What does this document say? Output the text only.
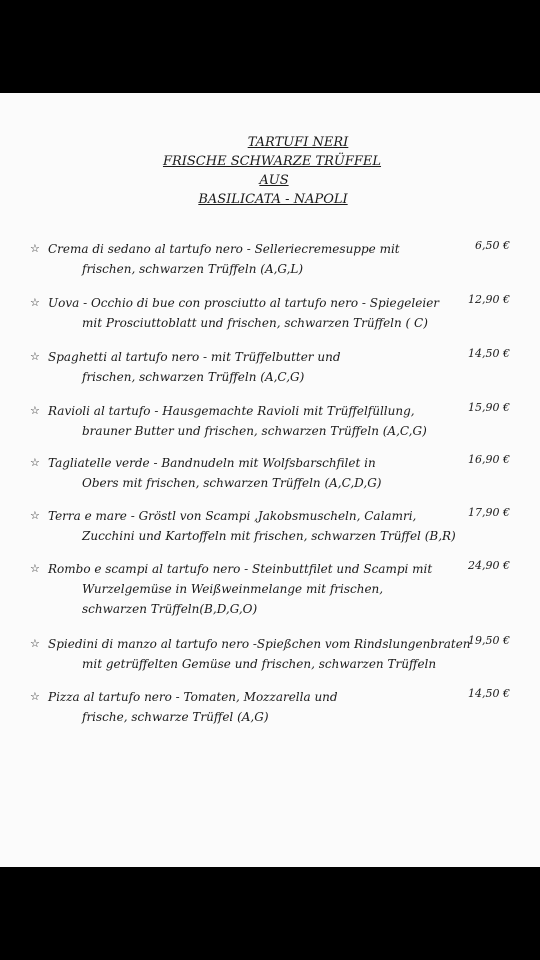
TARTUFI NERI
FRISCHE SCHWARZE TRÜFFEL
AUS
BASILICATA - NAPOLI
☆ Crema di sedano al tartufo nero - Selleriecremesuppe mit
frischen, schwarzen Trüffeln (A,G,L)
6,50 €
☆ Uova - Occhio di bue con prosciutto al tartufo nero - Spiegeleier
mit Prosciuttoblatt und frischen, schwarzen Trüffeln ( C)
12,90 €
☆ Spaghetti al tartufo nero - mit Trüffelbutter und
frischen, schwarzen Trüffeln (A,C,G)
14,50 €
☆ Ravioli al tartufo - Hausgemachte Ravioli mit Trüffelfüllung,
brauner Butter und frischen, schwarzen Trüffeln (A,C,G)
15,90 €
☆ Tagliatelle verde - Bandnudeln mit Wolfsbarschfilet in
Obers mit frischen, schwarzen Trüffeln (A,C,D,G)
16,90 €
☆ Terra e mare - Gröstl von Scampi ,Jakobsmuscheln, Calamri,
Zucchini und Kartoffeln mit frischen, schwarzen Trüffel (B,R)
17,90 €
☆ Rombo e scampi al tartufo nero - Steinbuttfilet und Scampi mit
Wurzelgemüse in Weißweinmelange mit frischen,
schwarzen Trüffeln(B,D,G,O)
24,90 €
☆ Spiedini di manzo al tartufo nero -Spießchen vom Rindslungenbraten
mit getrüffelten Gemüse und frischen, schwarzen Trüffeln
19,50 €
☆ Pizza al tartufo nero - Tomaten, Mozzarella und
frische, schwarze Trüffel (A,G)
14,50 €
